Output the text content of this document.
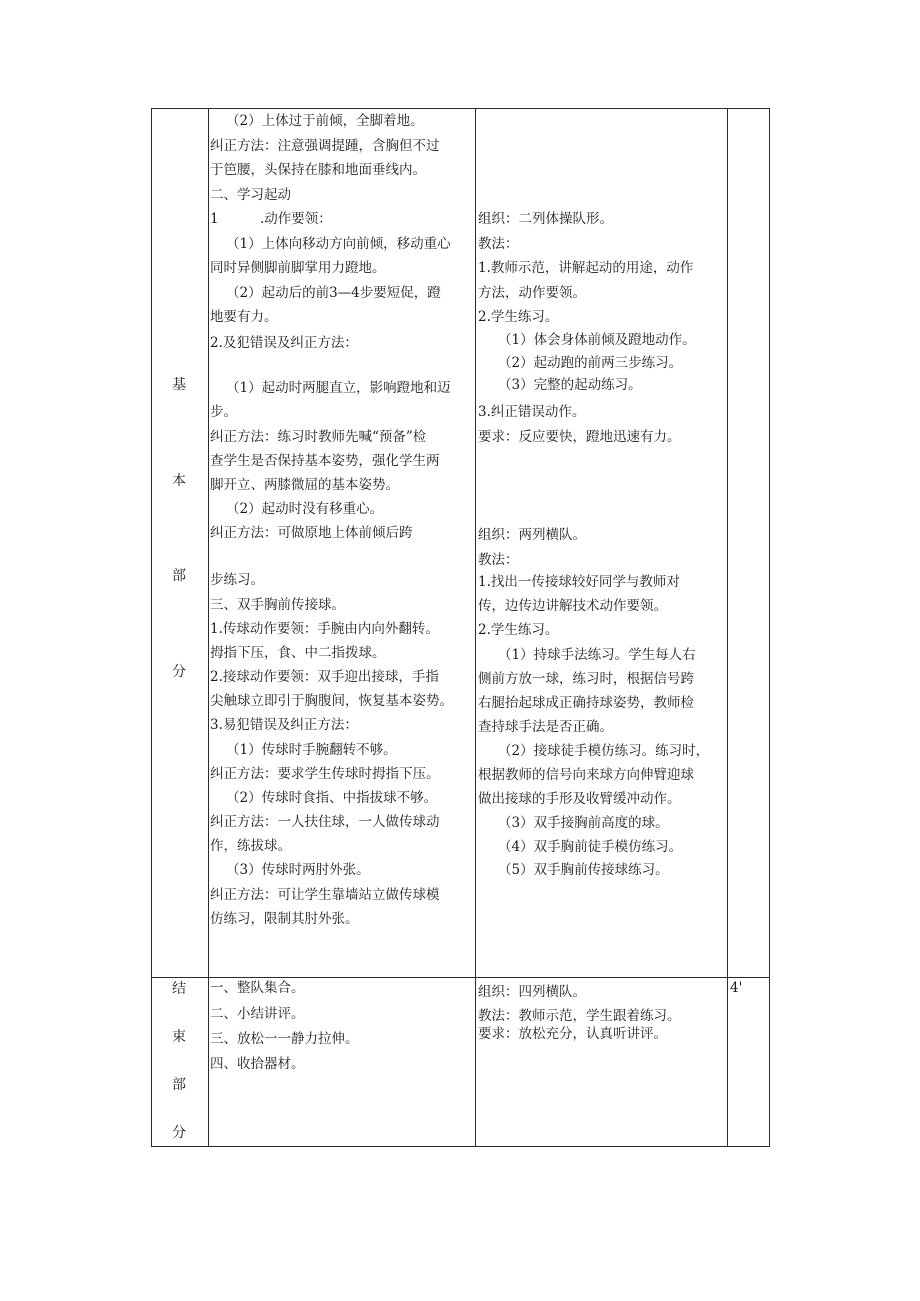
基
本
部
分
（2）上体过于前倾，全脚着地。
纠正方法：注意强调提踵，含胸但不过
于笆腰，头保持在膝和地面垂线内。
二、学习起动
1	.动作要领：
（1）上体向移动方向前倾，移动重心
同时异侧脚前脚掌用力蹬地。
（2）起动后的前3—4步要短促，蹬
地要有力。
2.及犯错误及纠正方法：
（1）起动时两腿直立，影响蹬地和迈
步。
纠正方法：练习时教师先喊“预备”检
查学生是否保持基本姿势，强化学生两
脚开立、两膝微屈的基本姿势。
（2）起动时没有移重心。
纠正方法：可做原地上体前倾后跨
步练习。
三、双手胸前传接球。
1.传球动作要领：手腕由内向外翻转。
拇指下压，食、中二指拨球。
2.接球动作要领：双手迎出接球，手指
尖触球立即引于胸腹间，恢复基本姿势。
3.易犯错误及纠正方法：
（1）传球时手腕翻转不够。
纠正方法：要求学生传球时拇指下压。
（2）传球时食指、中指拔球不够。
纠正方法：一人扶住球，一人做传球动
作，练拔球。
（3）传球时两肘外张。
纠正方法：可让学生靠墙站立做传球模
仿练习，限制其肘外张。
组织：二列体操队形。
教法：
1.教师示范，讲解起动的用途，动作
方法，动作要领。
2.学生练习。
（1）体会身体前倾及蹬地动作。
（2）起动跑的前两三步练习。
（3）完整的起动练习。
3.纠正错误动作。
要求：反应要快，蹬地迅速有力。
组织：两列横队。
教法：
1.找出一传接球较好同学与教师对
传，边传边讲解技术动作要领。
2.学生练习。
（1）持球手法练习。学生每人右
侧前方放一球，练习时，根据信号跨
右腿抬起球成正确持球姿势，教师检
查持球手法是否正确。
（2）接球徒手模仿练习。练习时，
根据教师的信号向来球方向伸臂迎球
做出接球的手形及收臂缓冲动作。
（3）双手接胸前高度的球。
（4）双手胸前徒手模仿练习。
（5）双手胸前传接球练习。
结
束
部
分
一、整队集合。
二、小结讲评。
三、放松一一静力拉伸。
四、收拾器材。
组织：四列横队。
教法：教师示范，学生跟着练习。
要求：放松充分，认真听讲评。
4'
